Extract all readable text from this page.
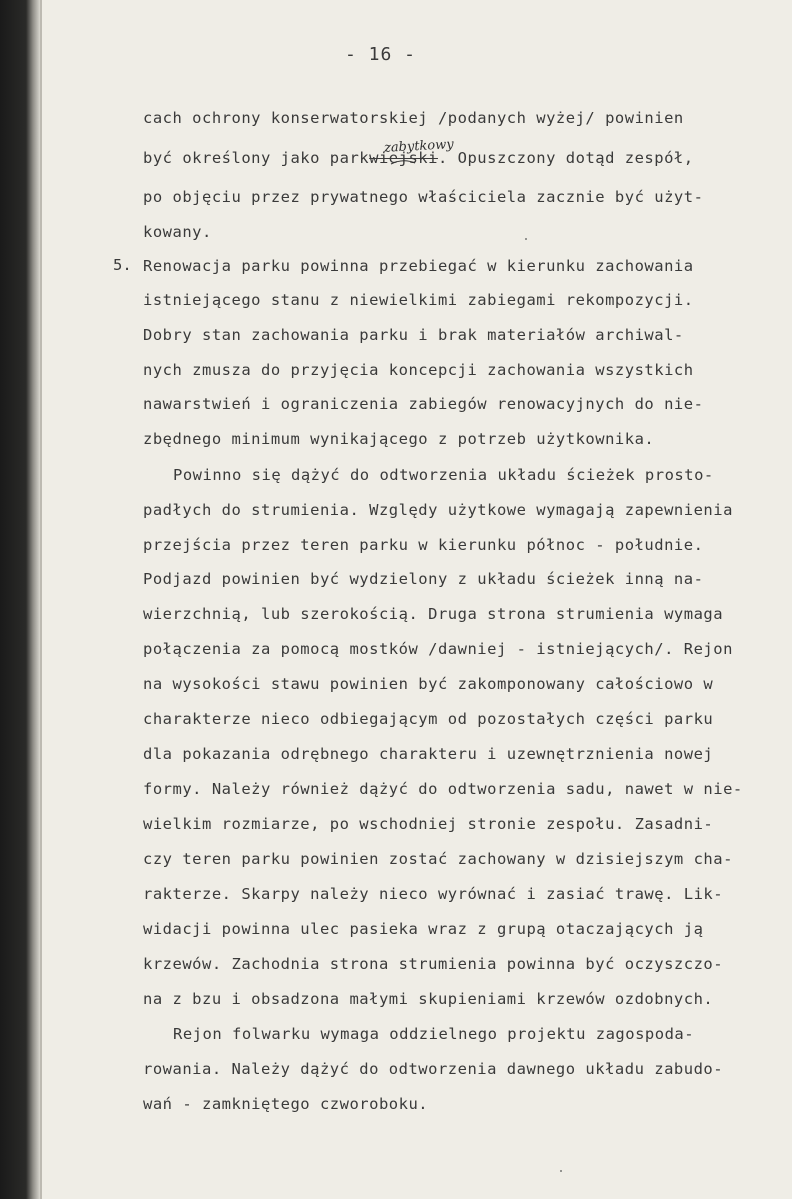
- 16 -
cach ochrony konserwatorskiej /podanych wyżej/ powinien
być określony jako parkwiejski. Opuszczony dotąd zespół,
zabytkowy
po objęciu przez prywatnego właściciela zacznie być użyt-
kowany.
5. Renowacja parku powinna przebiegać w kierunku zachowania
istniejącego stanu z niewielkimi zabiegami rekompozycji.
Dobry stan zachowania parku i brak materiałów archiwal-
nych zmusza do przyjęcia koncepcji zachowania wszystkich
nawarstwień i ograniczenia zabiegów renowacyjnych do nie-
zbędnego minimum wynikającego z potrzeb użytkownika.
Powinno się dążyć do odtworzenia układu ścieżek prosto-
padłych do strumienia. Względy użytkowe wymagają zapewnienia
przejścia przez teren parku w kierunku północ - południe.
Podjazd powinien być wydzielony z układu ścieżek inną na-
wierzchnią, lub szerokością. Druga strona strumienia wymaga
połączenia za pomocą mostków /dawniej - istniejących/. Rejon
na wysokości stawu powinien być zakomponowany całościowo w
charakterze nieco odbiegającym od pozostałych części parku
dla pokazania odrębnego charakteru i uzewnętrznienia nowej
formy. Należy również dążyć do odtworzenia sadu, nawet w nie-
wielkim rozmiarze, po wschodniej stronie zespołu. Zasadni-
czy teren parku powinien zostać zachowany w dzisiejszym cha-
rakterze. Skarpy należy nieco wyrównać i zasiać trawę. Lik-
widacji powinna ulec pasieka wraz z grupą otaczających ją
krzewów. Zachodnia strona strumienia powinna być oczyszczo-
na z bzu i obsadzona małymi skupieniami krzewów ozdobnych.
Rejon folwarku wymaga oddzielnego projektu zagospoda-
rowania. Należy dążyć do odtworzenia dawnego układu zabudo-
wań - zamkniętego czworoboku.
